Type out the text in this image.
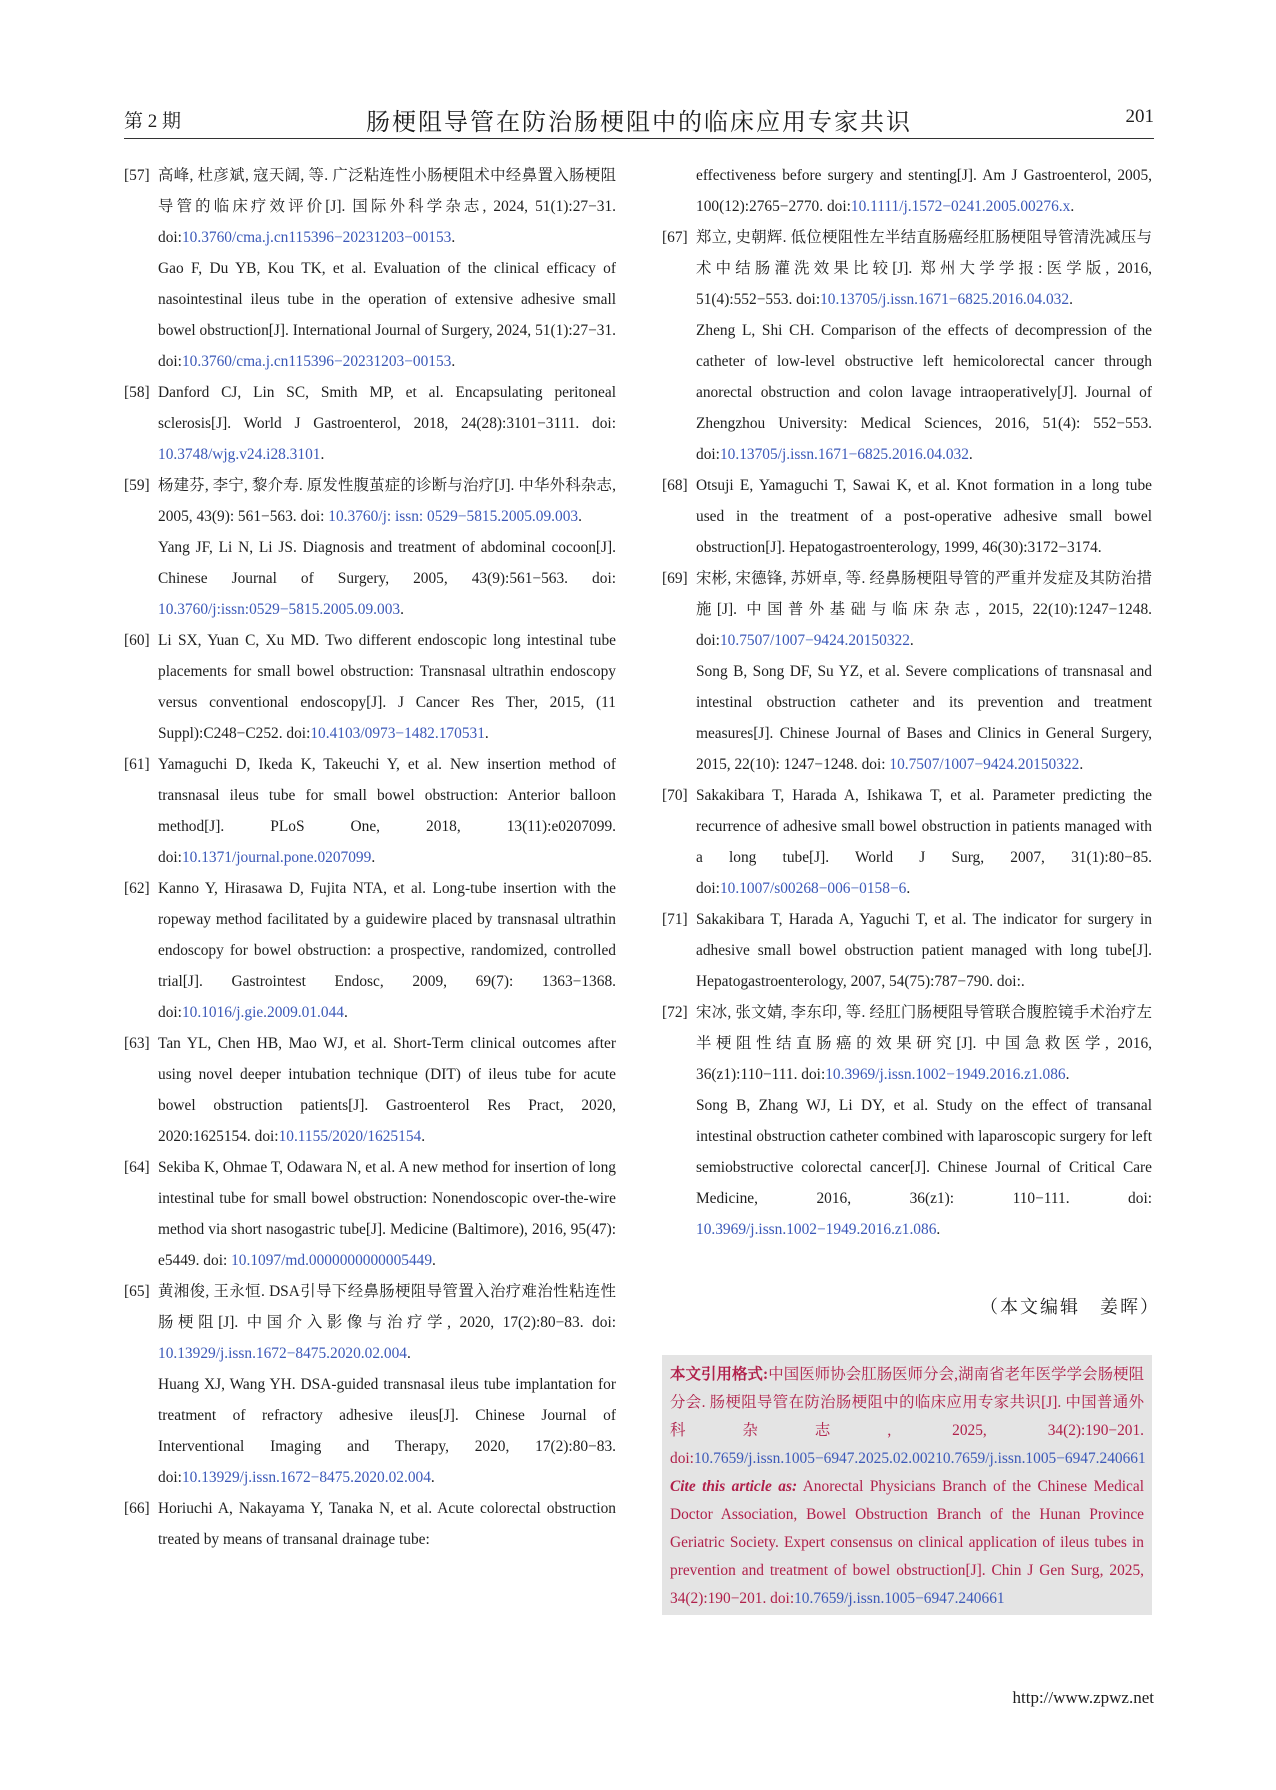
第 2 期	肠梗阻导管在防治肠梗阻中的临床应用专家共识	201
[57] 高峰, 杜彦斌, 寇天阔, 等. 广泛粘连性小肠梗阻术中经鼻置入肠梗阻导管的临床疗效评价[J]. 国际外科学杂志, 2024, 51(1):27−31. doi:10.3760/cma.j.cn115396−20231203−00153.

Gao F, Du YB, Kou TK, et al. Evaluation of the clinical efficacy of nasointestinal ileus tube in the operation of extensive adhesive small bowel obstruction[J]. International Journal of Surgery, 2024, 51(1):27−31. doi:10.3760/cma.j.cn115396−20231203−00153.

[58] Danford CJ, Lin SC, Smith MP, et al. Encapsulating peritoneal sclerosis[J]. World J Gastroenterol, 2018, 24(28):3101−3111. doi: 10.3748/wjg.v24.i28.3101.

[59] 杨建芬, 李宁, 黎介寿. 原发性腹茧症的诊断与治疗[J]. 中华外科杂志, 2005, 43(9): 561−563. doi: 10.3760/j: issn: 0529−5815.2005.09.003.

Yang JF, Li N, Li JS. Diagnosis and treatment of abdominal cocoon[J]. Chinese Journal of Surgery, 2005, 43(9):561−563. doi: 10.3760/j:issn:0529−5815.2005.09.003.

[60] Li SX, Yuan C, Xu MD. Two different endoscopic long intestinal tube placements for small bowel obstruction: Transnasal ultrathin endoscopy versus conventional endoscopy[J]. J Cancer Res Ther, 2015, (11 Suppl):C248−C252. doi:10.4103/0973−1482.170531.

[61] Yamaguchi D, Ikeda K, Takeuchi Y, et al. New insertion method of transnasal ileus tube for small bowel obstruction: Anterior balloon method[J]. PLoS One, 2018, 13(11):e0207099. doi:10.1371/journal.pone.0207099.

[62] Kanno Y, Hirasawa D, Fujita NTA, et al. Long-tube insertion with the ropeway method facilitated by a guidewire placed by transnasal ultrathin endoscopy for bowel obstruction: a prospective, randomized, controlled trial[J]. Gastrointest Endosc, 2009, 69(7): 1363−1368. doi:10.1016/j.gie.2009.01.044.

[63] Tan YL, Chen HB, Mao WJ, et al. Short-Term clinical outcomes after using novel deeper intubation technique (DIT) of ileus tube for acute bowel obstruction patients[J]. Gastroenterol Res Pract, 2020, 2020:1625154. doi:10.1155/2020/1625154.

[64] Sekiba K, Ohmae T, Odawara N, et al. A new method for insertion of long intestinal tube for small bowel obstruction: Nonendoscopic over-the-wire method via short nasogastric tube[J]. Medicine (Baltimore), 2016, 95(47): e5449. doi: 10.1097/md.0000000000005449.

[65] 黄湘俊, 王永恒. DSA引导下经鼻肠梗阻导管置入治疗难治性粘连性肠梗阻[J]. 中国介入影像与治疗学, 2020, 17(2):80−83. doi: 10.13929/j.issn.1672−8475.2020.02.004.

Huang XJ, Wang YH. DSA-guided transnasal ileus tube implantation for treatment of refractory adhesive ileus[J]. Chinese Journal of Interventional Imaging and Therapy, 2020, 17(2):80−83. doi:10.13929/j.issn.1672−8475.2020.02.004.

[66] Horiuchi A, Nakayama Y, Tanaka N, et al. Acute colorectal obstruction treated by means of transanal drainage tube:

effectiveness before surgery and stenting[J]. Am J Gastroenterol, 2005, 100(12):2765−2770. doi:10.1111/j.1572−0241.2005.00276.x.

[67] 郑立, 史朝辉. 低位梗阻性左半结直肠癌经肛肠梗阻导管清洗减压与术中结肠灌洗效果比较[J]. 郑州大学学报:医学版, 2016, 51(4):552−553. doi:10.13705/j.issn.1671−6825.2016.04.032.

Zheng L, Shi CH. Comparison of the effects of decompression of the catheter of low-level obstructive left hemicolorectal cancer through anorectal obstruction and colon lavage intraoperatively[J]. Journal of Zhengzhou University: Medical Sciences, 2016, 51(4): 552−553. doi:10.13705/j.issn.1671−6825.2016.04.032.

[68] Otsuji E, Yamaguchi T, Sawai K, et al. Knot formation in a long tube used in the treatment of a post-operative adhesive small bowel obstruction[J]. Hepatogastroenterology, 1999, 46(30):3172−3174.

[69] 宋彬, 宋德锋, 苏妍卓, 等. 经鼻肠梗阻导管的严重并发症及其防治措施[J]. 中国普外基础与临床杂志, 2015, 22(10):1247−1248. doi:10.7507/1007−9424.20150322.

Song B, Song DF, Su YZ, et al. Severe complications of transnasal and intestinal obstruction catheter and its prevention and treatment measures[J]. Chinese Journal of Bases and Clinics in General Surgery, 2015, 22(10): 1247−1248. doi: 10.7507/1007−9424.20150322.

[70] Sakakibara T, Harada A, Ishikawa T, et al. Parameter predicting the recurrence of adhesive small bowel obstruction in patients managed with a long tube[J]. World J Surg, 2007, 31(1):80−85. doi:10.1007/s00268−006−0158−6.

[71] Sakakibara T, Harada A, Yaguchi T, et al. The indicator for surgery in adhesive small bowel obstruction patient managed with long tube[J]. Hepatogastroenterology, 2007, 54(75):787−790. doi:.

[72] 宋冰, 张文婧, 李东印, 等. 经肛门肠梗阻导管联合腹腔镜手术治疗左半梗阻性结直肠癌的效果研究[J]. 中国急救医学, 2016, 36(z1):110−111. doi:10.3969/j.issn.1002−1949.2016.z1.086.

Song B, Zhang WJ, Li DY, et al. Study on the effect of transanal intestinal obstruction catheter combined with laparoscopic surgery for left semiobstructive colorectal cancer[J]. Chinese Journal of Critical Care Medicine, 2016, 36(z1): 110−111. doi: 10.3969/j.issn.1002−1949.2016.z1.086.

（本文编辑　姜晖）

本文引用格式:中国医师协会肛肠医师分会,湖南省老年医学学会肠梗阻分会. 肠梗阻导管在防治肠梗阻中的临床应用专家共识[J]. 中国普通外科杂志, 2025, 34(2):190−201. doi:10.7659/j.issn.1005−6947.2025.02.00210.7659/j.issn.1005−6947.240661

Cite this article as: Anorectal Physicians Branch of the Chinese Medical Doctor Association, Bowel Obstruction Branch of the Hunan Province Geriatric Society. Expert consensus on clinical application of ileus tubes in prevention and treatment of bowel obstruction[J]. Chin J Gen Surg, 2025, 34(2):190−201. doi:10.7659/j.issn.1005−6947.240661

http://www.zpwz.net
